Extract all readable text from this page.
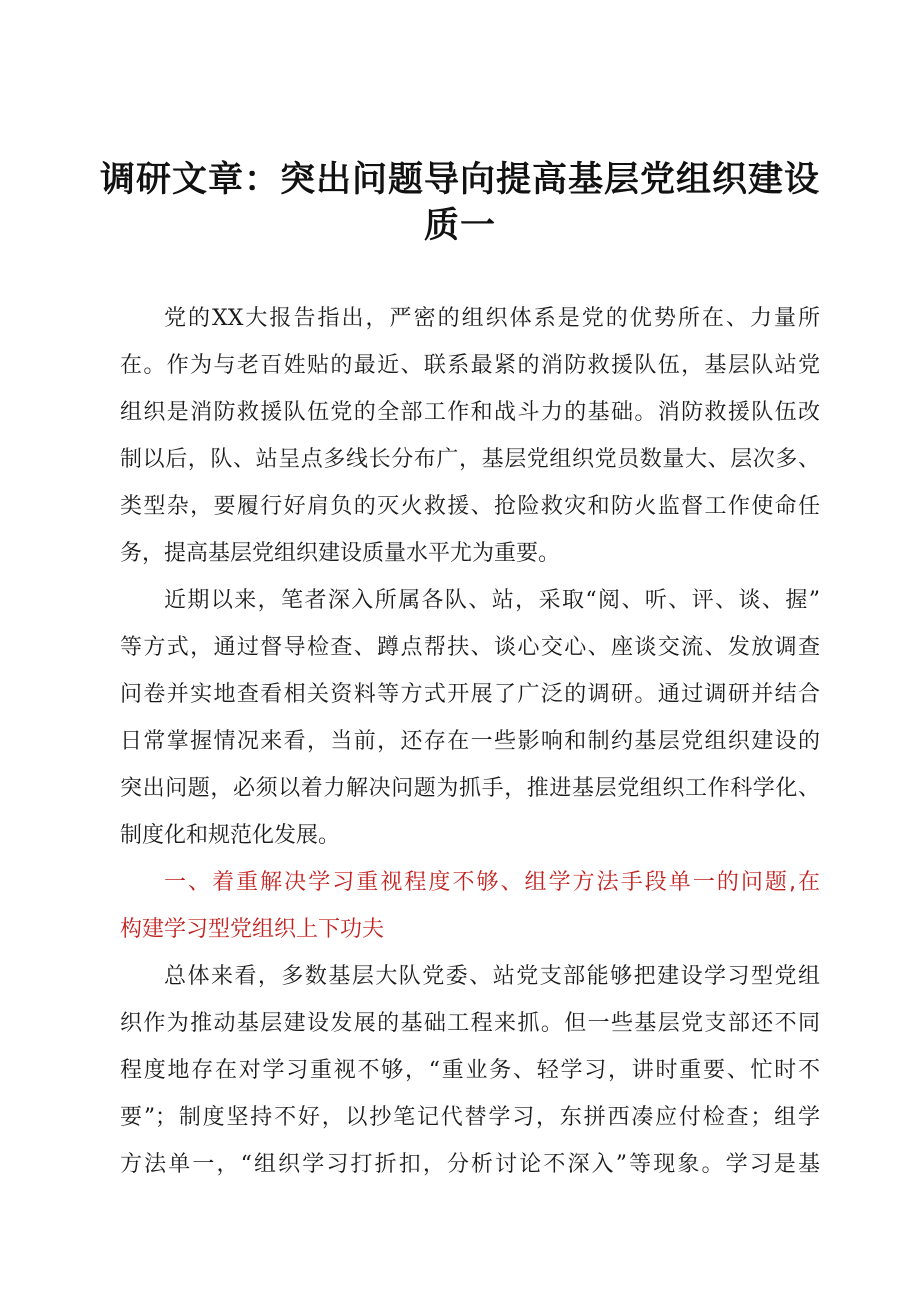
调研文章：突出问题导向提高基层党组织建设
质一
党的XX大报告指出，严密的组织体系是党的优势所在、力量所
在。作为与老百姓贴的最近、联系最紧的消防救援队伍，基层队站党
组织是消防救援队伍党的全部工作和战斗力的基础。消防救援队伍改
制以后，队、站呈点多线长分布广，基层党组织党员数量大、层次多、
类型杂，要履行好肩负的灭火救援、抢险救灾和防火监督工作使命任
务，提高基层党组织建设质量水平尤为重要。
近期以来，笔者深入所属各队、站，采取“阅、听、评、谈、握”
等方式，通过督导检查、蹲点帮扶、谈心交心、座谈交流、发放调查
问卷并实地查看相关资料等方式开展了广泛的调研。通过调研并结合
日常掌握情况来看，当前，还存在一些影响和制约基层党组织建设的
突出问题，必须以着力解决问题为抓手，推进基层党组织工作科学化、
制度化和规范化发展。
一、着重解决学习重视程度不够、组学方法手段单一的问题,在
构建学习型党组织上下功夫
总体来看，多数基层大队党委、站党支部能够把建设学习型党组
织作为推动基层建设发展的基础工程来抓。但一些基层党支部还不同
程度地存在对学习重视不够，“重业务、轻学习，讲时重要、忙时不
要”；制度坚持不好，以抄笔记代替学习，东拼西凑应付检查；组学
方法单一，“组织学习打折扣，分析讨论不深入”等现象。学习是基
